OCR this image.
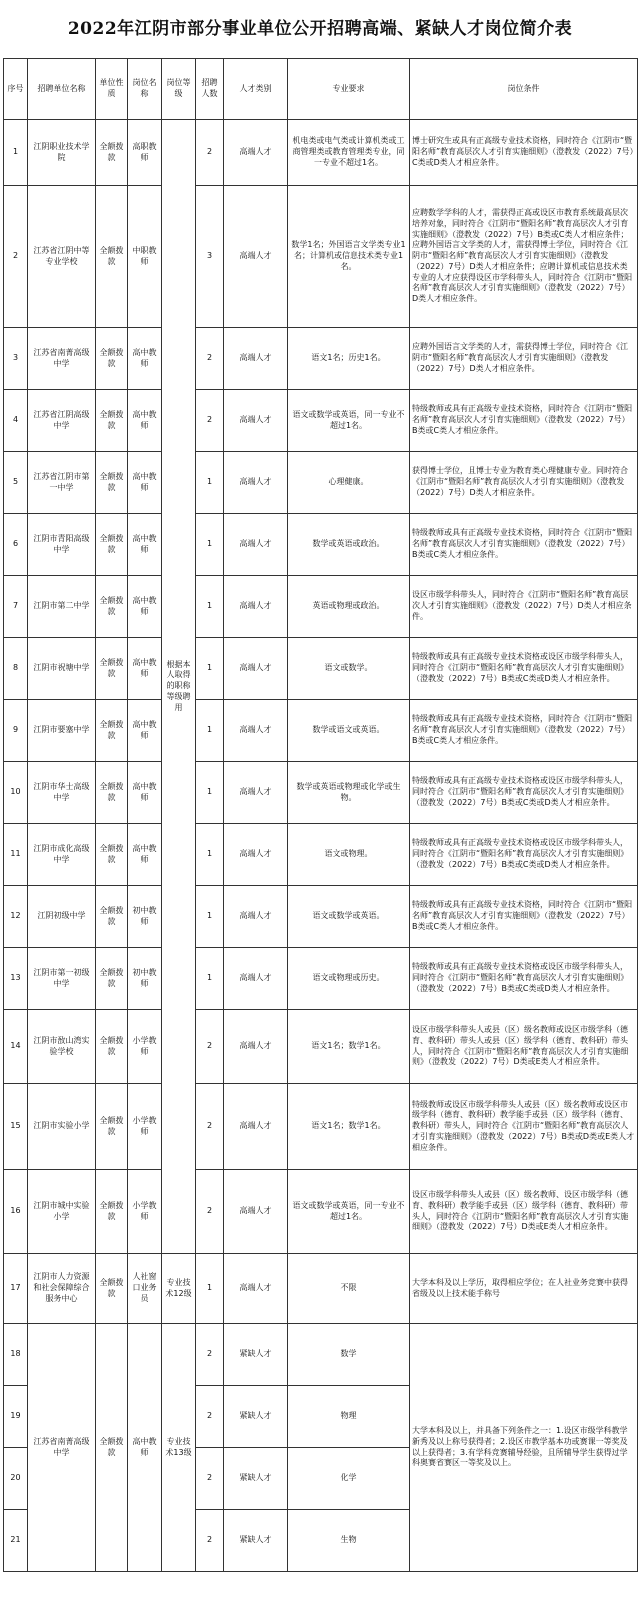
2022年江阴市部分事业单位公开招聘高端、紧缺人才岗位简介表
序号	招聘单位名称	单位性质	岗位名称	岗位等级	招聘人数	人才类别	专业要求	岗位条件
1	江阴职业技术学院	全额拨款	高职教师	根据本人取得的职称等级聘用	2	高端人才	机电类或电气类或计算机类或工商管理类或教育管理类专业，同一专业不超过1名。	博士研究生或具有正高级专业技术资格，同时符合《江阴市“暨阳名师”教育高层次人才引育实施细则》（澄教发（2022）7号）C类或D类人才相应条件。
2	江苏省江阴中等专业学校	全额拨款	中职教师		3	高端人才	数学1名；外国语言文学类专业1名；计算机或信息技术类专业1名。	应聘数学学科的人才，需获得正高或设区市教育系统最高层次培养对象，同时符合《江阴市“暨阳名师”教育高层次人才引育实施细则》（澄教发（2022）7号）B类或C类人才相应条件；应聘外国语言文学类的人才，需获得博士学位，同时符合《江阴市“暨阳名师”教育高层次人才引育实施细则》（澄教发（2022）7号）D类人才相应条件；应聘计算机或信息技术类专业的人才应获得设区市学科带头人，同时符合《江阴市“暨阳名师”教育高层次人才引育实施细则》（澄教发（2022）7号）D类人才相应条件。
3	江苏省南菁高级中学	全额拨款	高中教师		2	高端人才	语文1名；历史1名。	应聘外国语言文学类的人才，需获得博士学位，同时符合《江阴市“暨阳名师”教育高层次人才引育实施细则》（澄教发（2022）7号）D类人才相应条件。
4	江苏省江阴高级中学	全额拨款	高中教师		2	高端人才	语文或数学或英语，同一专业不超过1名。	特级教师或具有正高级专业技术资格，同时符合《江阴市“暨阳名师”教育高层次人才引育实施细则》（澄教发（2022）7号）B类或C类人才相应条件。
5	江苏省江阴市第一中学	全额拨款	高中教师		1	高端人才	心理健康。	获得博士学位，且博士专业为教育类心理健康专业。同时符合《江阴市“暨阳名师”教育高层次人才引育实施细则》（澄教发（2022）7号）D类人才相应条件。
6	江阴市青阳高级中学	全额拨款	高中教师		1	高端人才	数学或英语或政治。	特级教师或具有正高级专业技术资格，同时符合《江阴市“暨阳名师”教育高层次人才引育实施细则》（澄教发（2022）7号）B类或C类人才相应条件。
7	江阴市第二中学	全额拨款	高中教师		1	高端人才	英语或物理或政治。	设区市级学科带头人，同时符合《江阴市“暨阳名师”教育高层次人才引育实施细则》（澄教发（2022）7号）D类人才相应条件。
8	江阴市祝塘中学	全额拨款	高中教师		1	高端人才	语文或数学。	特级教师或具有正高级专业技术资格或设区市级学科带头人，同时符合《江阴市“暨阳名师”教育高层次人才引育实施细则》（澄教发（2022）7号）B类或C类或D类人才相应条件。
9	江阴市要塞中学	全额拨款	高中教师		1	高端人才	数学或语文或英语。	特级教师或具有正高级专业技术资格，同时符合《江阴市“暨阳名师”教育高层次人才引育实施细则》（澄教发（2022）7号）B类或C类人才相应条件。
10	江阴市华士高级中学	全额拨款	高中教师		1	高端人才	数学或英语或物理或化学或生物。	特级教师或具有正高级专业技术资格或设区市级学科带头人，同时符合《江阴市“暨阳名师”教育高层次人才引育实施细则》（澄教发（2022）7号）B类或C类或D类人才相应条件。
11	江阴市成化高级中学	全额拨款	高中教师		1	高端人才	语文或物理。	特级教师或具有正高级专业技术资格或设区市级学科带头人，同时符合《江阴市“暨阳名师”教育高层次人才引育实施细则》（澄教发（2022）7号）B类或C类或D类人才相应条件。
12	江阴初级中学	全额拨款	初中教师		1	高端人才	语文或数学或英语。	特级教师或具有正高级专业技术资格，同时符合《江阴市“暨阳名师”教育高层次人才引育实施细则》（澄教发（2022）7号）B类或C类人才相应条件。
13	江阴市第一初级中学	全额拨款	初中教师		1	高端人才	语文或物理或历史。	特级教师或具有正高级专业技术资格或设区市级学科带头人，同时符合《江阴市“暨阳名师”教育高层次人才引育实施细则》（澄教发（2022）7号）B类或C类或D类人才相应条件。
14	江阴市敔山湾实验学校	全额拨款	小学教师		2	高端人才	语文1名；数学1名。	设区市级学科带头人或县（区）级名教师或设区市级学科（德育、教科研）带头人或县（区）级学科（德育、教科研）带头人，同时符合《江阴市“暨阳名师”教育高层次人才引育实施细则》（澄教发（2022）7号）D类或E类人才相应条件。
15	江阴市实验小学	全额拨款	小学教师		2	高端人才	语文1名；数学1名。	特级教师或设区市级学科带头人或县（区）级名教师或设区市级学科（德育、教科研）教学能手或县（区）级学科（德育、教科研）带头人，同时符合《江阴市“暨阳名师”教育高层次人才引育实施细则》（澄教发（2022）7号）B类或D类或E类人才相应条件。
16	江阴市城中实验小学	全额拨款	小学教师		2	高端人才	语文或数学或英语，同一专业不超过1名。	设区市级学科带头人或县（区）级名教师、设区市级学科（德育、教科研）教学能手或县（区）级学科（德育、教科研）带头人，同时符合《江阴市“暨阳名师”教育高层次人才引育实施细则》（澄教发（2022）7号）D类或E类人才相应条件。
17	江阴市人力资源和社会保障综合服务中心	全额拨款	人社窗口业务员	专业技术12级	1	高端人才	不限	大学本科及以上学历，取得相应学位；在人社业务竞赛中获得省级及以上技术能手称号
18	江苏省南菁高级中学	全额拨款	高中教师	专业技术13级	2	紧缺人才	数学	大学本科及以上，并具备下列条件之一：1.设区市级学科教学新秀及以上称号获得者；2.设区市教学基本功或赛课一等奖及以上获得者；3.有学科竞赛辅导经验，且所辅导学生获得过学科奥赛省赛区一等奖及以上。
19					2	紧缺人才	物理	
20					2	紧缺人才	化学	
21					2	紧缺人才	生物	
